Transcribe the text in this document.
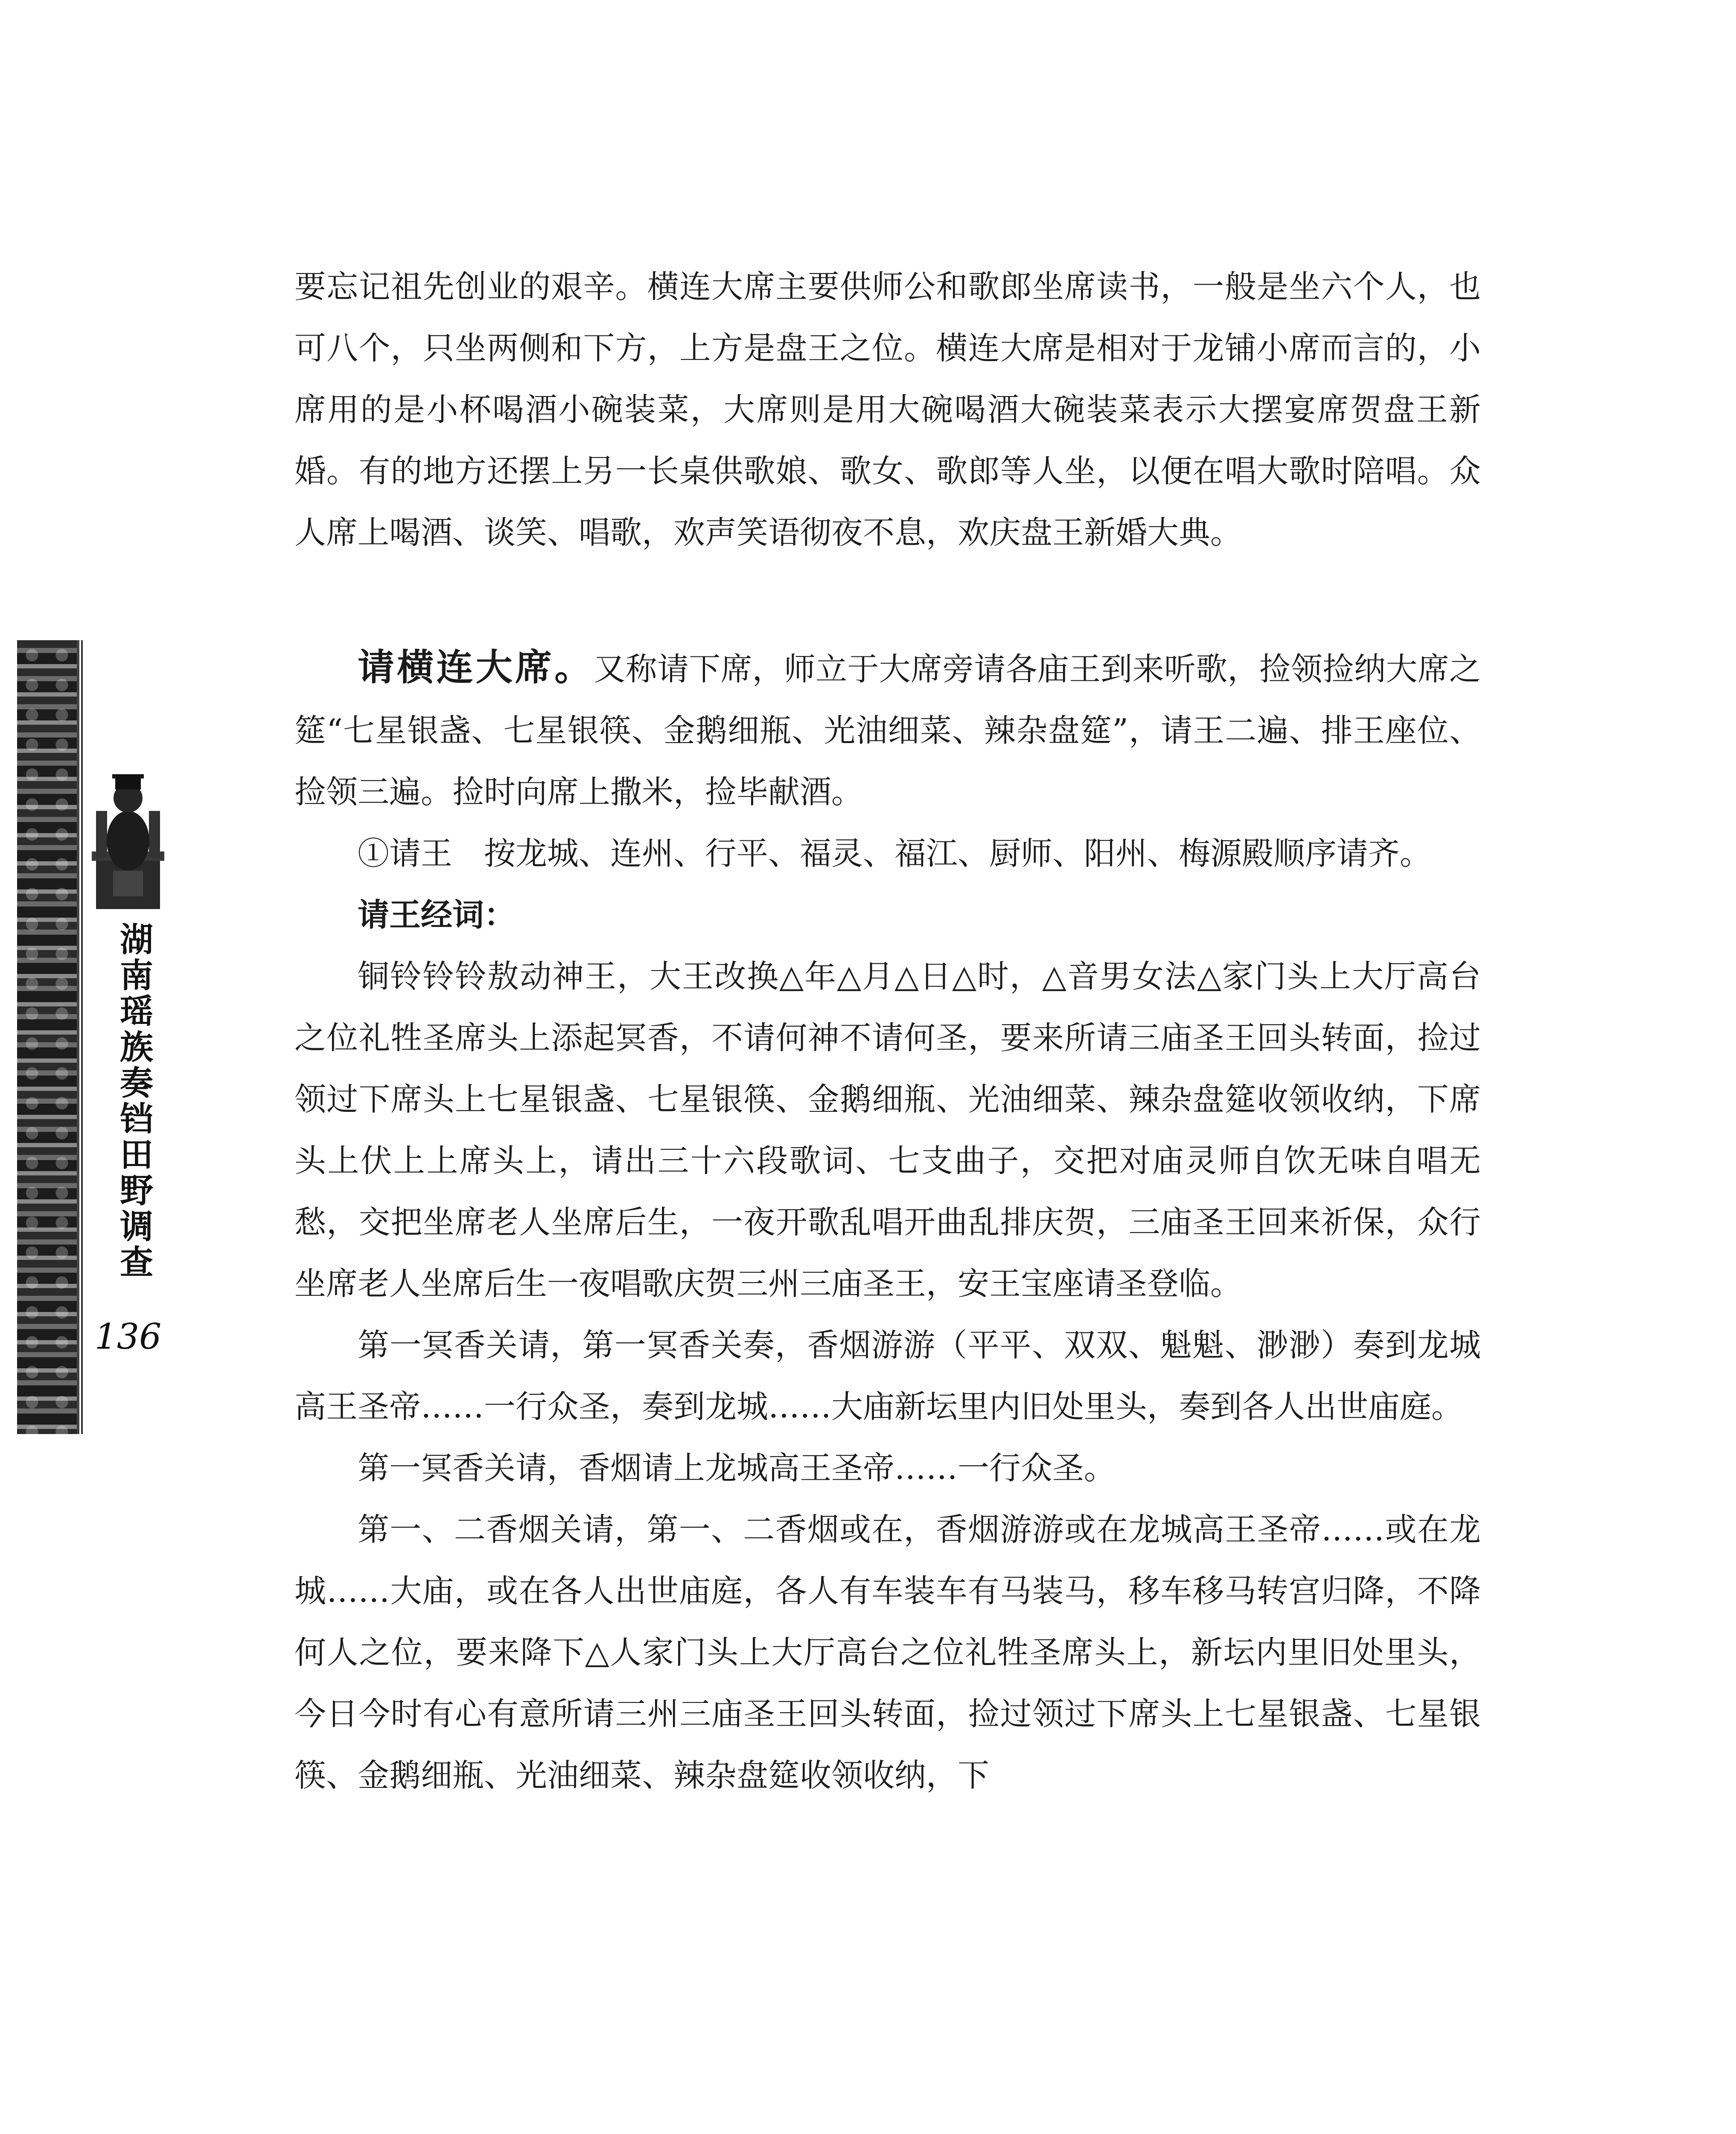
湖南瑶族奏铛田野调查
136

要忘记祖先创业的艰辛。横连大席主要供师公和歌郎坐席读书，一般是坐六个人，也可八个，只坐两侧和下方，上方是盘王之位。横连大席是相对于龙铺小席而言的，小席用的是小杯喝酒小碗装菜，大席则是用大碗喝酒大碗装菜表示大摆宴席贺盘王新婚。有的地方还摆上另一长桌供歌娘、歌女、歌郎等人坐，以便在唱大歌时陪唱。众人席上喝酒、谈笑、唱歌，欢声笑语彻夜不息，欢庆盘王新婚大典。

请横连大席。又称请下席，师立于大席旁请各庙王到来听歌，捡领捡纳大席之筵“七星银盏、七星银筷、金鹅细瓶、光油细菜、辣杂盘筵”，请王二遍、排王座位、捡领三遍。捡时向席上撒米，捡毕献酒。

①请王 按龙城、连州、行平、福灵、福江、厨师、阳州、梅源殿顺序请齐。

请王经词：

铜铃铃铃敖动神王，大王改换△年△月△日△时，△音男女法△家门头上大厅高台之位礼牲圣席头上添起冥香，不请何神不请何圣，要来所请三庙圣王回头转面，捡过领过下席头上七星银盏、七星银筷、金鹅细瓶、光油细菜、辣杂盘筵收领收纳，下席头上伏上上席头上，请出三十六段歌词、七支曲子，交把对庙灵师自饮无味自唱无愁，交把坐席老人坐席后生，一夜开歌乱唱开曲乱排庆贺，三庙圣王回来祈保，众行坐席老人坐席后生一夜唱歌庆贺三州三庙圣王，安王宝座请圣登临。

第一冥香关请，第一冥香关奏，香烟游游（平平、双双、魁魁、渺渺）奏到龙城高王圣帝……一行众圣，奏到龙城……大庙新坛里内旧处里头，奏到各人出世庙庭。

第一冥香关请，香烟请上龙城高王圣帝……一行众圣。

第一、二香烟关请，第一、二香烟或在，香烟游游或在龙城高王圣帝……或在龙城……大庙，或在各人出世庙庭，各人有车装车有马装马，移车移马转宫归降，不降何人之位，要来降下△人家门头上大厅高台之位礼牲圣席头上，新坛内里旧处里头，今日今时有心有意所请三州三庙圣王回头转面，捡过领过下席头上七星银盏、七星银筷、金鹅细瓶、光油细菜、辣杂盘筵收领收纳，下
